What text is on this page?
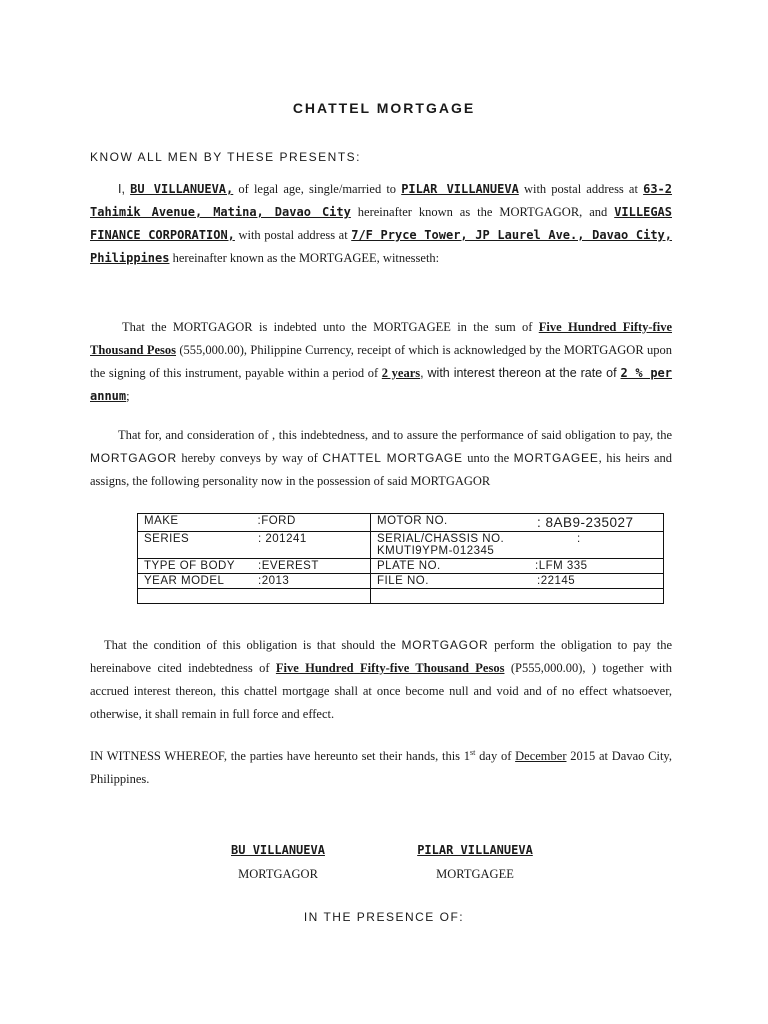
CHATTEL MORTGAGE
KNOW ALL MEN BY THESE PRESENTS:
I, BU VILLANUEVA, of legal age, single/married to PILAR VILLANUEVA with postal address at 63-2 Tahimik Avenue, Matina, Davao City hereinafter known as the MORTGAGOR, and VILLEGAS FINANCE CORPORATION, with postal address at 7/F Pryce Tower, JP Laurel Ave., Davao City, Philippines hereinafter known as the MORTGAGEE, witnesseth:
That the MORTGAGOR is indebted unto the MORTGAGEE in the sum of Five Hundred Fifty-five Thousand Pesos (555,000.00), Philippine Currency, receipt of which is acknowledged by the MORTGAGOR upon the signing of this instrument, payable within a period of 2 years, with interest thereon at the rate of 2 % per annum;
That for, and consideration of , this indebtedness, and to assure the performance of said obligation to pay, the MORTGAGOR hereby conveys by way of CHATTEL MORTGAGE unto the MORTGAGEE, his heirs and assigns, the following personality now in the possession of said MORTGAGOR
MAKE :FORD	MOTOR NO. : 8AB9-235027

SERIES : 201241	SERIAL/CHASSIS NO. : KMUTI9YPM-012345
TYPE OF BODY :EVEREST	PLATE NO. :LFM 335

YEAR MODEL :2013	FILE NO. :22145

That the condition of this obligation is that should the MORTGAGOR perform the obligation to pay the hereinabove cited indebtedness of Five Hundred Fifty-five Thousand Pesos (P555,000.00), ) together with accrued interest thereon, this chattel mortgage shall at once become null and void and of no effect whatsoever, otherwise, it shall remain in full force and effect.
IN WITNESS WHEREOF, the parties have hereunto set their hands, this 1st day of December 2015 at Davao City, Philippines.
BU VILLANUEVA
MORTGAGOR
PILAR VILLANUEVA
MORTGAGEE
IN THE PRESENCE OF:
